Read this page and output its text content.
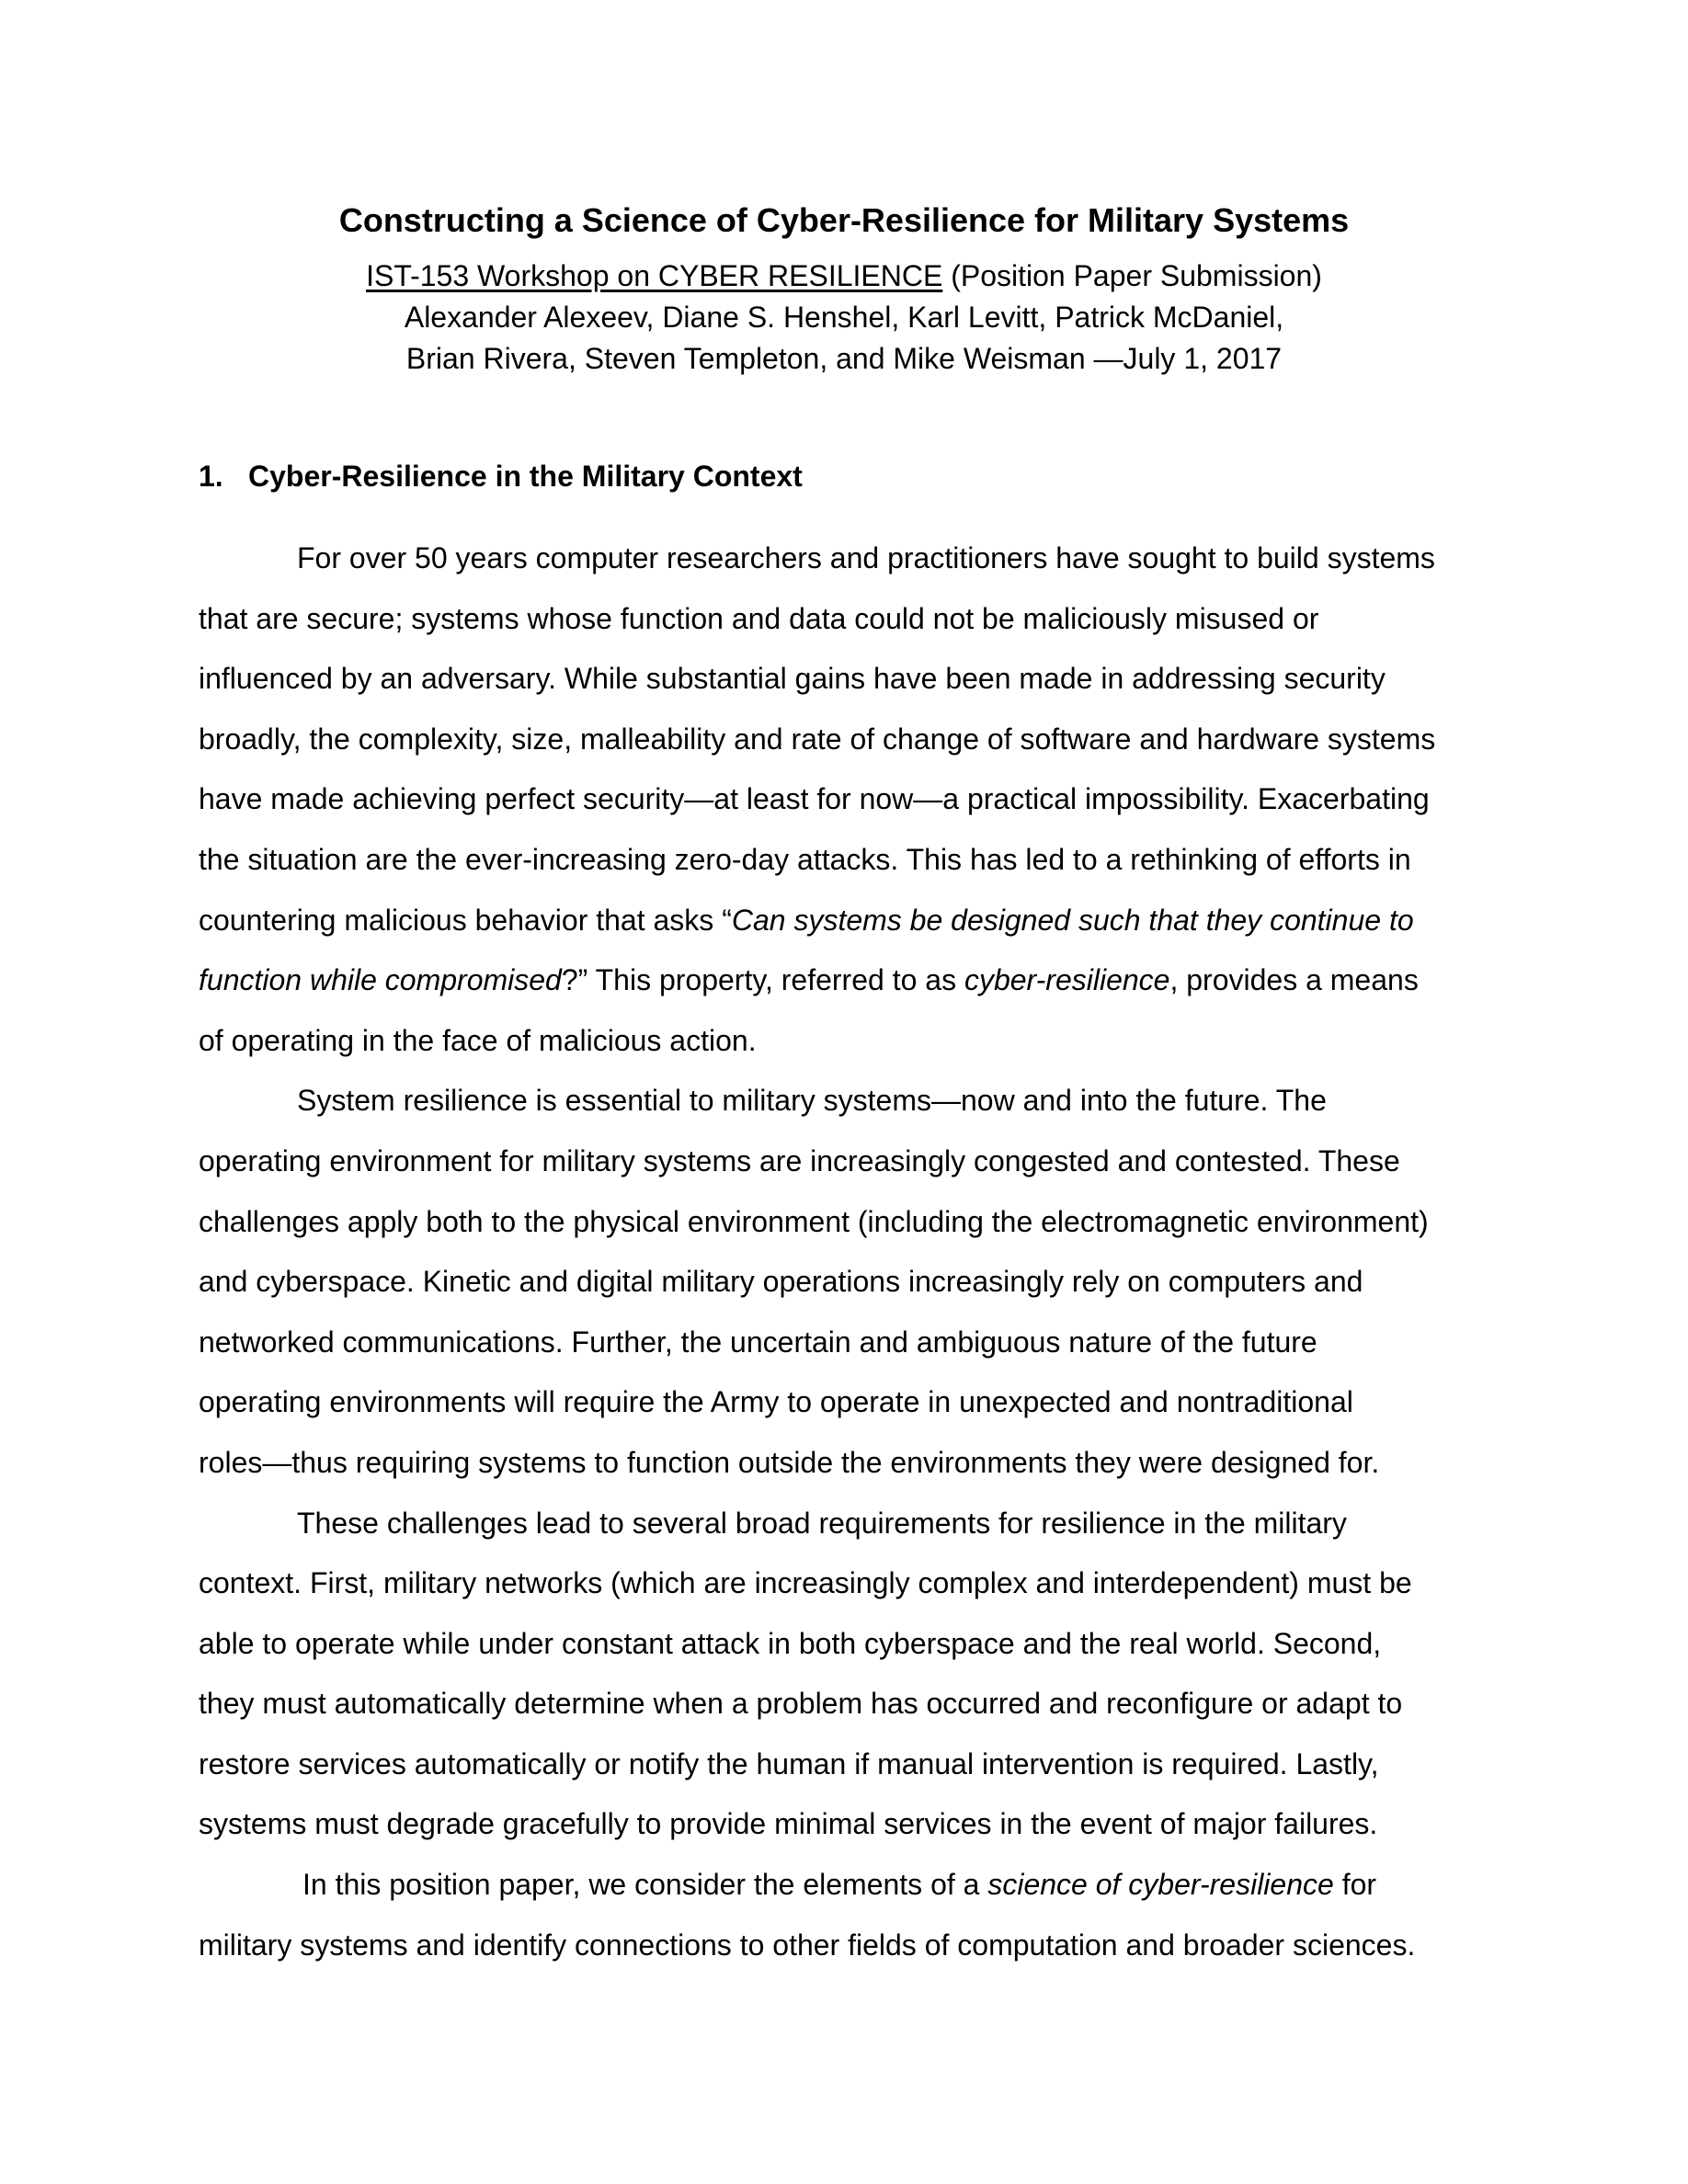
Constructing a Science of Cyber-Resilience for Military Systems

IST-153 Workshop on CYBER RESILIENCE (Position Paper Submission)

Alexander Alexeev, Diane S. Henshel, Karl Levitt, Patrick McDaniel,

Brian Rivera, Steven Templeton, and Mike Weisman —July 1, 2017

1. Cyber-Resilience in the Military Context
For over 50 years computer researchers and practitioners have sought to build systems
that are secure; systems whose function and data could not be maliciously misused or
influenced by an adversary. While substantial gains have been made in addressing security
broadly, the complexity, size, malleability and rate of change of software and hardware systems
have made achieving perfect security—at least for now—a practical impossibility. Exacerbating
the situation are the ever-increasing zero-day attacks. This has led to a rethinking of efforts in
countering malicious behavior that asks “Can systems be designed such that they continue to
function while compromised?” This property, referred to as cyber-resilience, provides a means
of operating in the face of malicious action.
System resilience is essential to military systems—now and into the future. The
operating environment for military systems are increasingly congested and contested. These
challenges apply both to the physical environment (including the electromagnetic environment)
and cyberspace. Kinetic and digital military operations increasingly rely on computers and
networked communications. Further, the uncertain and ambiguous nature of the future
operating environments will require the Army to operate in unexpected and nontraditional
roles—thus requiring systems to function outside the environments they were designed for.
These challenges lead to several broad requirements for resilience in the military
context. First, military networks (which are increasingly complex and interdependent) must be
able to operate while under constant attack in both cyberspace and the real world. Second,
they must automatically determine when a problem has occurred and reconfigure or adapt to
restore services automatically or notify the human if manual intervention is required. Lastly,
systems must degrade gracefully to provide minimal services in the event of major failures.
In this position paper, we consider the elements of a science of cyber-resilience for
military systems and identify connections to other fields of computation and broader sciences.
